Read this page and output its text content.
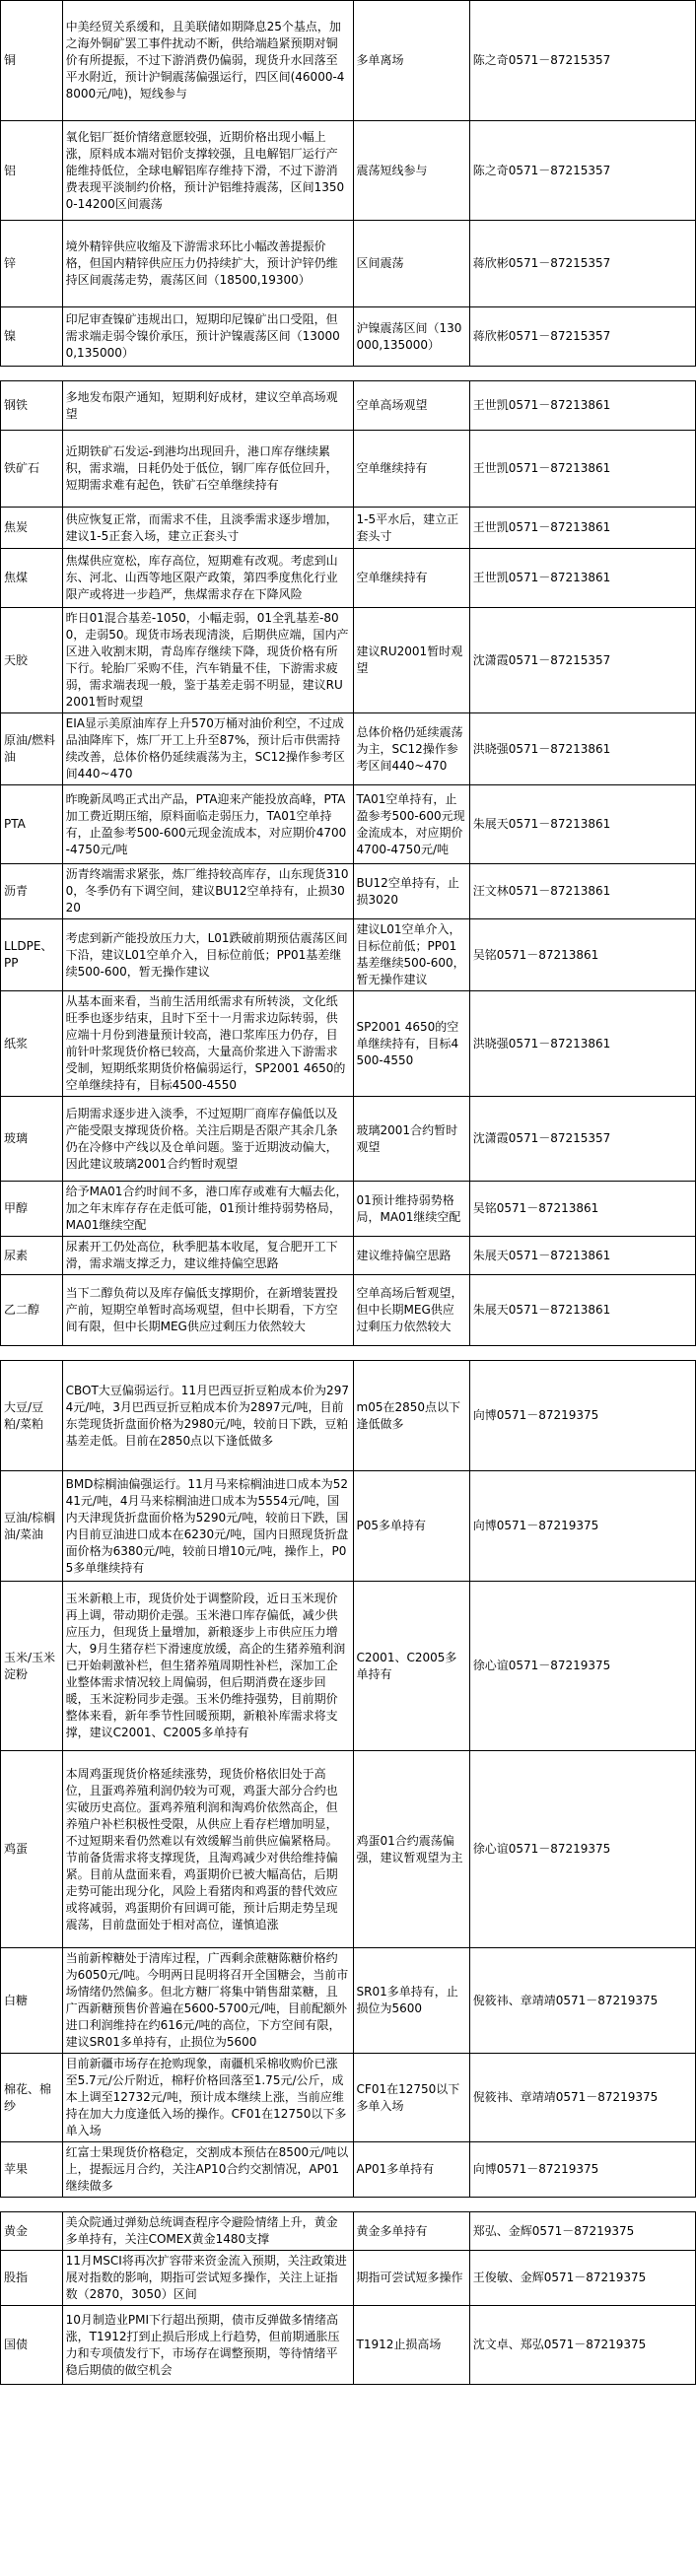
铜	中美经贸关系缓和，且美联储如期降息25个基点，加之海外铜矿罢工事件扰动不断，供给端趋紧预期对铜价有所提振，不过下游消费仍偏弱，现货升水回落至平水附近，预计沪铜震荡偏强运行，四区间(46000-48000元/吨)，短线参与	多单离场	陈之奇0571－87215357
铝	氧化铝厂挺价情绪意愿较强，近期价格出现小幅上涨，原料成本端对铝价支撑较强，且电解铝厂运行产能维持低位，全球电解铝库存维持下滑，不过下游消费表现平淡制约价格，预计沪铝维持震荡，区间13500-14200区间震荡	震荡短线参与	陈之奇0571－87215357
锌	境外精锌供应收缩及下游需求环比小幅改善提振价格，但国内精锌供应压力仍持续扩大，预计沪锌仍维持区间震荡走势，震荡区间（18500,19300）	区间震荡	蒋欣彬0571－87215357
镍	印尼审查镍矿违规出口，短期印尼镍矿出口受阻，但需求端走弱令镍价承压，预计沪镍震荡区间（130000,135000）	沪镍震荡区间（130000,135000）	蒋欣彬0571－87215357

钢铁	多地发布限产通知，短期利好成材，建议空单高场观望	空单高场观望	王世凯0571－87213861
铁矿石	近期铁矿石发运-到港均出现回升，港口库存继续累积，需求端，日耗仍处于低位，钢厂库存低位回升，短期需求难有起色，铁矿石空单继续持有	空单继续持有	王世凯0571－87213861
焦炭	供应恢复正常，而需求不佳，且淡季需求逐步增加，建议1-5正套入场，建立正套头寸	1-5平水后，建立正套头寸	王世凯0571－87213861
焦煤	焦煤供应宽松，库存高位，短期难有改观。考虑到山东、河北、山西等地区限产政策，第四季度焦化行业限产或将进一步趋严，焦煤需求存在下降风险	空单继续持有	王世凯0571－87213861
天胶	昨日01混合基差-1050，小幅走弱，01全乳基差-800，走弱50。现货市场表现清淡，后期供应端，国内产区进入收割末期，青岛库存继续下降，现货价格有所下行。轮胎厂采购不佳，汽车销量不佳，下游需求疲弱，需求端表现一般，鉴于基差走弱不明显，建议RU2001暂时观望	建议RU2001暂时观望	沈潇霞0571－87215357
原油/燃料油	EIA显示美原油库存上升570万桶对油价利空，不过成品油降库下，炼厂开工上升至87%，预计后市供需持续改善，总体价格仍延续震荡为主，SC12操作参考区间440~470	总体价格仍延续震荡为主，SC12操作参考区间440~470	洪晓强0571－87213861
PTA	昨晚新凤鸣正式出产品，PTA迎来产能投放高峰，PTA加工费近期压缩，原料面临走弱压力，TA01空单持有，止盈参考500-600元现金流成本，对应期价4700-4750元/吨	TA01空单持有，止盈参考500-600元现金流成本，对应期价4700-4750元/吨	朱展天0571－87213861
沥青	沥青终端需求紧张，炼厂维持较高库存，山东现货3100，冬季仍有下调空间，建议BU12空单持有，止损3020	BU12空单持有，止损3020	汪文林0571－87213861
LLDPE、PP	考虑到新产能投放压力大，L01跌破前期预估震荡区间下沿，建议L01空单介入，目标位前低；PP01基差继续500-600，暂无操作建议	建议L01空单介入，目标位前低；PP01基差继续500-600，暂无操作建议	吴铭0571－87213861
纸浆	从基本面来看，当前生活用纸需求有所转淡，文化纸旺季也逐步结束，且时下至十一月需求边际转弱，供应端十月份到港量预计较高，港口浆库压力仍存，目前针叶浆现货价格已较高，大量高价浆进入下游需求受制，短期纸浆期货价格偏弱运行，SP2001 4650的空单继续持有，目标4500-4550	SP2001 4650的空单继续持有，目标4500-4550	洪晓强0571－87213861
玻璃	后期需求逐步进入淡季，不过短期厂商库存偏低以及产能受限支撑现货价格。关注后期是否限产其余几条仍在冷修中产线以及仓单问题。鉴于近期波动偏大，因此建议玻璃2001合约暂时观望	玻璃2001合约暂时观望	沈潇霞0571－87215357
甲醇	给予MA01合约时间不多，港口库存或难有大幅去化，加之年末库存存在走低可能，01预计维持弱势格局，MA01继续空配	01预计维持弱势格局，MA01继续空配	吴铭0571－87213861
尿素	尿素开工仍处高位，秋季肥基本收尾，复合肥开工下滑，需求端支撑乏力，建议维持偏空思路	建议维持偏空思路	朱展天0571－87213861
乙二醇	当下二醇负荷以及库存偏低支撑期价，在新增装置投产前，短期空单暂时高场观望，但中长期看，下方空间有限，但中长期MEG供应过剩压力依然较大	空单高场后暂观望，但中长期MEG供应过剩压力依然较大	朱展天0571－87213861

大豆/豆粕/菜粕	CBOT大豆偏弱运行。11月巴西豆折豆粕成本价为2974元/吨，3月巴西豆折豆粕成本价为2897元/吨，目前东莞现货折盘面价格为2980元/吨，较前日下跌，豆粕基差走低。目前在2850点以下逢低做多	m05在2850点以下逢低做多	向博0571－87219375
豆油/棕榈油/菜油	BMD棕榈油偏强运行。11月马来棕榈油进口成本为5241元/吨，4月马来棕榈油进口成本为5554元/吨，国内天津现货折盘面价格为5290元/吨，较前日下跌，国内目前豆油进口成本在6230元/吨，国内日照现货折盘面价格为6380元/吨，较前日增10元/吨，操作上，P05多单继续持有	P05多单持有	向博0571－87219375
玉米/玉米淀粉	玉米新粮上市，现货价处于调整阶段，近日玉米现价再上调，带动期价走强。玉米港口库存偏低，减少供应压力，但现货上量增加，新粮逐步上市供应压力增大，9月生猪存栏下滑速度放缓，高企的生猪养殖利润已开始刺激补栏，但生猪养殖周期性补栏，深加工企业整体需求情况较上周偏弱，但后期消费在逐步回暖，玉米淀粉同步走强。玉米仍维持强势，目前期价整体来看，新年季节性回暖预期，新粮补库需求将支撑，建议C2001、C2005多单持有	C2001、C2005多单持有	徐心谊0571－87219375
鸡蛋	本周鸡蛋现货价格延续涨势，现货价格依旧处于高位，且蛋鸡养殖利润仍较为可观，鸡蛋大部分合约也实破历史高位。蛋鸡养殖利润和淘鸡价依然高企，但养殖户补栏积极性受限，从供应上看存栏增加明显，不过短期来看仍然难以有效缓解当前供应偏紧格局。节前备货需求将支撑现货，且淘鸡减少对供给维持偏紧。目前从盘面来看，鸡蛋期价已被大幅高估，后期走势可能出现分化，风险上看猪肉和鸡蛋的替代效应或将减弱，鸡蛋期价有回调可能，预计后期走势呈现震荡，目前盘面处于相对高位，谨慎追涨	鸡蛋01合约震荡偏强，建议暂观望为主	徐心谊0571－87219375
白糖	当前新榨糖处于清库过程，广西剩余蔗糖陈糖价格约为6050元/吨。今明两日昆明将召开全国糖会，当前市场情绪仍然偏多。但北方糖厂将集中销售甜菜糖，且广西新糖预售价普遍在5600-5700元/吨，目前配额外进口利润维持在约616元/吨的高位，下方空间有限，建议SR01多单持有，止损位为5600	SR01多单持有，止损位为5600	倪筱祎、章靖靖0571－87219375
棉花、棉纱	目前新疆市场存在抢购现象，南疆机采棉收购价已涨至5.7元/公斤附近，棉籽价格回落至1.75元/公斤，成本上调至12732元/吨，预计成本继续上涨，当前应维持在加大力度逢低入场的操作。CF01在12750以下多单入场	CF01在12750以下多单入场	倪筱祎、章靖靖0571－87219375
苹果	红富士果现货价格稳定，交割成本预估在8500元/吨以上，提振远月合约，关注AP10合约交割情况，AP01继续做多	AP01多单持有	向博0571－87219375

黄金	美众院通过弹劾总统调查程序令避险情绪上升，黄金多单持有，关注COMEX黄金1480支撑	黄金多单持有	郑弘、金辉0571－87219375
股指	11月MSCI将再次扩容带来资金流入预期，关注政策进展对指数的影响，期指可尝试短多操作，关注上证指数（2870，3050）区间	期指可尝试短多操作	王俊敏、金辉0571－87219375
国债	10月制造业PMI下行超出预期，债市反弹做多情绪高涨，T1912打到止损后形成上行趋势，但前期通胀压力和专项债发行下，市场存在调整预期，等待情绪平稳后期债的做空机会	T1912止损高场	沈文卓、郑弘0571－87219375
